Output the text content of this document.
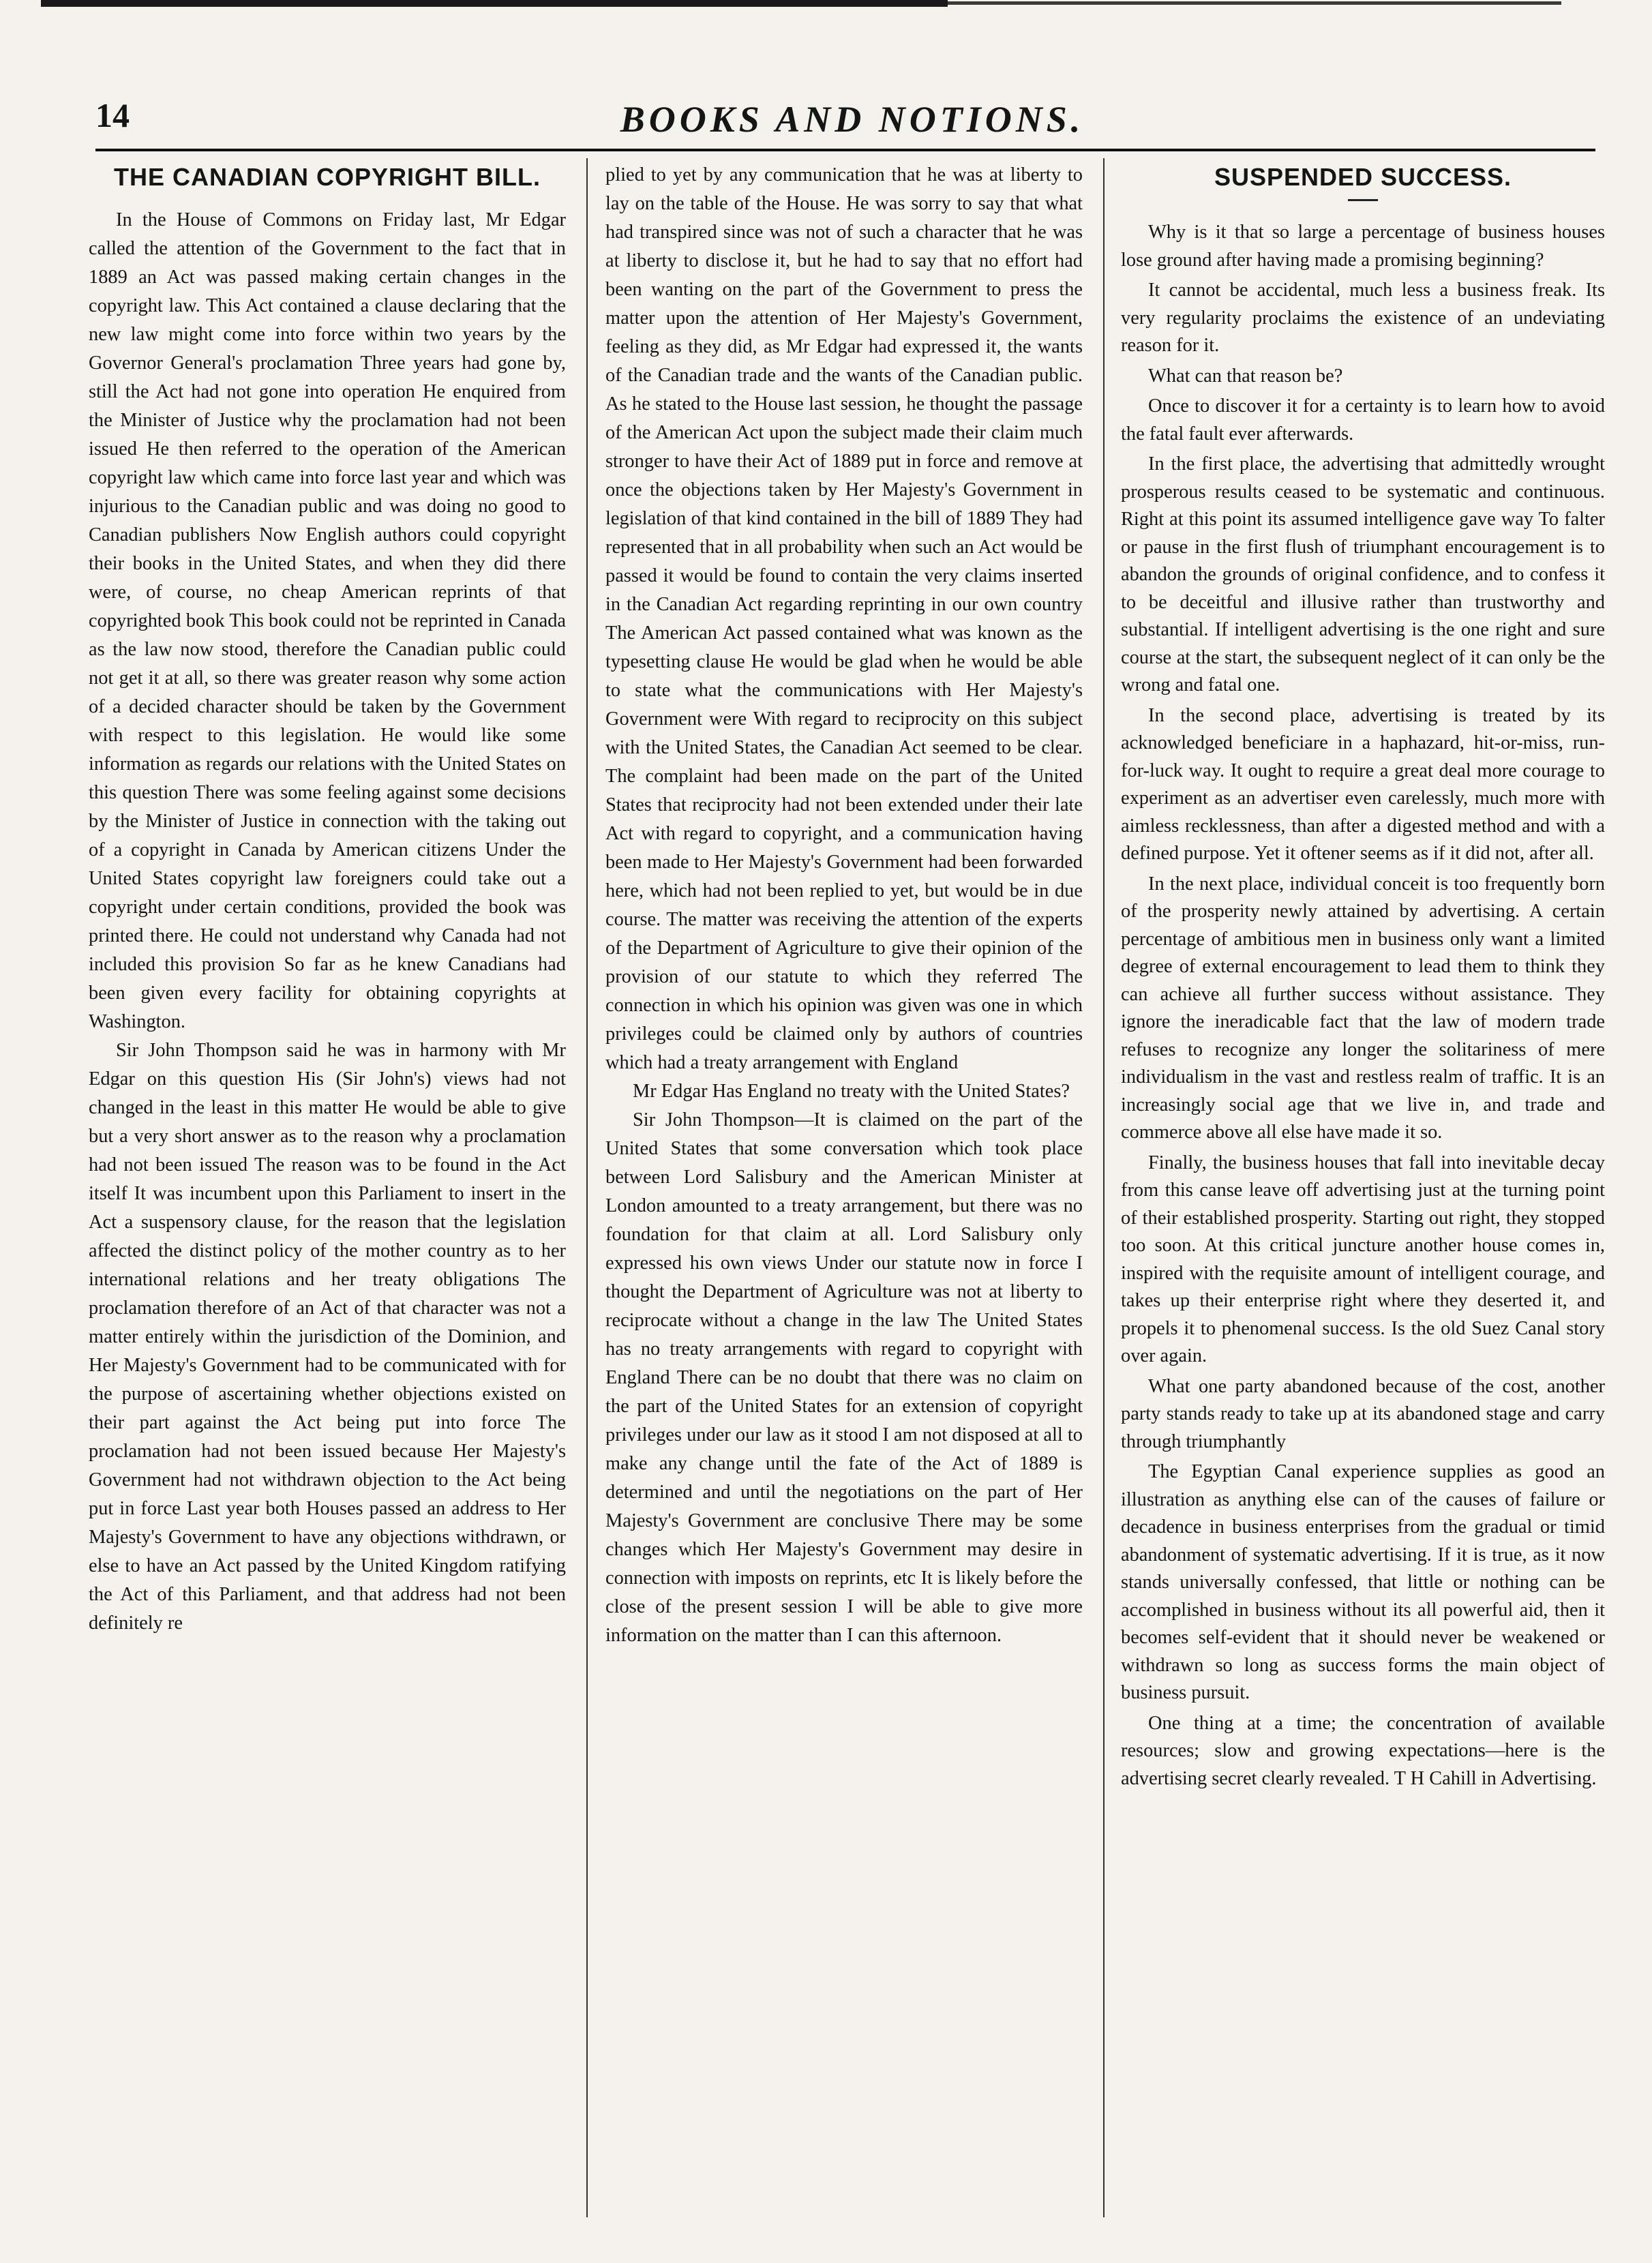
14	BOOKS AND NOTIONS.
THE CANADIAN COPYRIGHT BILL.

In the House of Commons on Friday last, Mr Edgar called the attention of the Government to the fact that in 1889 an Act was passed making certain changes in the copyright law. This Act contained a clause declaring that the new law might come into force within two years by the Governor General's proclamation Three years had gone by, still the Act had not gone into operation He enquired from the Minister of Justice why the proclamation had not been issued He then referred to the operation of the American copyright law which came into force last year and which was injurious to the Canadian public and was doing no good to Canadian publishers Now English authors could copyright their books in the United States, and when they did there were, of course, no cheap American reprints of that copyrighted book This book could not be reprinted in Canada as the law now stood, therefore the Canadian public could not get it at all, so there was greater reason why some action of a decided character should be taken by the Government with respect to this legislation. He would like some information as regards our relations with the United States on this question There was some feeling against some decisions by the Minister of Justice in connection with the taking out of a copyright in Canada by American citizens Under the United States copyright law foreigners could take out a copyright under certain conditions, provided the book was printed there. He could not understand why Canada had not included this provision So far as he knew Canadians had been given every facility for obtaining copyrights at Washington.

Sir John Thompson said he was in harmony with Mr Edgar on this question His (Sir John's) views had not changed in the least in this matter He would be able to give but a very short answer as to the reason why a proclamation had not been issued The reason was to be found in the Act itself It was incumbent upon this Parliament to insert in the Act a suspensory clause, for the reason that the legislation affected the distinct policy of the mother country as to her international relations and her treaty obligations The proclamation therefore of an Act of that character was not a matter entirely within the jurisdiction of the Dominion, and Her Majesty's Government had to be communicated with for the purpose of ascertaining whether objections existed on their part against the Act being put into force The proclamation had not been issued because Her Majesty's Government had not withdrawn objection to the Act being put in force Last year both Houses passed an address to Her Majesty's Government to have any objections withdrawn, or else to have an Act passed by the United Kingdom ratifying the Act of this Parliament, and that address had not been definitely re

plied to yet by any communication that he was at liberty to lay on the table of the House. He was sorry to say that what had transpired since was not of such a character that he was at liberty to disclose it, but he had to say that no effort had been wanting on the part of the Government to press the matter upon the attention of Her Majesty's Government, feeling as they did, as Mr Edgar had expressed it, the wants of the Canadian trade and the wants of the Canadian public. As he stated to the House last session, he thought the passage of the American Act upon the subject made their claim much stronger to have their Act of 1889 put in force and remove at once the objections taken by Her Majesty's Government in legislation of that kind contained in the bill of 1889 They had represented that in all probability when such an Act would be passed it would be found to contain the very claims inserted in the Canadian Act regarding reprinting in our own country The American Act passed contained what was known as the typesetting clause He would be glad when he would be able to state what the communications with Her Majesty's Government were With regard to reciprocity on this subject with the United States, the Canadian Act seemed to be clear. The complaint had been made on the part of the United States that reciprocity had not been extended under their late Act with regard to copyright, and a communication having been made to Her Majesty's Government had been forwarded here, which had not been replied to yet, but would be in due course. The matter was receiving the attention of the experts of the Department of Agriculture to give their opinion of the provision of our statute to which they referred The connection in which his opinion was given was one in which privileges could be claimed only by authors of countries which had a treaty arrangement with England

Mr Edgar Has England no treaty with the United States?

Sir John Thompson—It is claimed on the part of the United States that some conversation which took place between Lord Salisbury and the American Minister at London amounted to a treaty arrangement, but there was no foundation for that claim at all. Lord Salisbury only expressed his own views Under our statute now in force I thought the Department of Agriculture was not at liberty to reciprocate without a change in the law The United States has no treaty arrangements with regard to copyright with England There can be no doubt that there was no claim on the part of the United States for an extension of copyright privileges under our law as it stood I am not disposed at all to make any change until the fate of the Act of 1889 is determined and until the negotiations on the part of Her Majesty's Government are conclusive There may be some changes which Her Majesty's Government may desire in connection with imposts on reprints, etc It is likely before the close of the present session I will be able to give more information on the matter than I can this afternoon.

SUSPENDED SUCCESS.

Why is it that so large a percentage of business houses lose ground after having made a promising beginning?

It cannot be accidental, much less a business freak. Its very regularity proclaims the existence of an undeviating reason for it.

What can that reason be?

Once to discover it for a certainty is to learn how to avoid the fatal fault ever afterwards.

In the first place, the advertising that admittedly wrought prosperous results ceased to be systematic and continuous. Right at this point its assumed intelligence gave way To falter or pause in the first flush of triumphant encouragement is to abandon the grounds of original confidence, and to confess it to be deceitful and illusive rather than trustworthy and substantial. If intelligent advertising is the one right and sure course at the start, the subsequent neglect of it can only be the wrong and fatal one.

In the second place, advertising is treated by its acknowledged beneficiare in a haphazard, hit-or-miss, run-for-luck way. It ought to require a great deal more courage to experiment as an advertiser even carelessly, much more with aimless recklessness, than after a digested method and with a defined purpose. Yet it oftener seems as if it did not, after all.

In the next place, individual conceit is too frequently born of the prosperity newly attained by advertising. A certain percentage of ambitious men in business only want a limited degree of external encouragement to lead them to think they can achieve all further success without assistance. They ignore the ineradicable fact that the law of modern trade refuses to recognize any longer the solitariness of mere individualism in the vast and restless realm of traffic. It is an increasingly social age that we live in, and trade and commerce above all else have made it so.

Finally, the business houses that fall into inevitable decay from this canse leave off advertising just at the turning point of their established prosperity. Starting out right, they stopped too soon. At this critical juncture another house comes in, inspired with the requisite amount of intelligent courage, and takes up their enterprise right where they deserted it, and propels it to phenomenal success. Is the old Suez Canal story over again.

What one party abandoned because of the cost, another party stands ready to take up at its abandoned stage and carry through triumphantly

The Egyptian Canal experience supplies as good an illustration as anything else can of the causes of failure or decadence in business enterprises from the gradual or timid abandonment of systematic advertising. If it is true, as it now stands universally confessed, that little or nothing can be accomplished in business without its all powerful aid, then it becomes self-evident that it should never be weakened or withdrawn so long as success forms the main object of business pursuit.

One thing at a time; the concentration of available resources; slow and growing expectations—here is the advertising secret clearly revealed. T H Cahill in Advertising.
